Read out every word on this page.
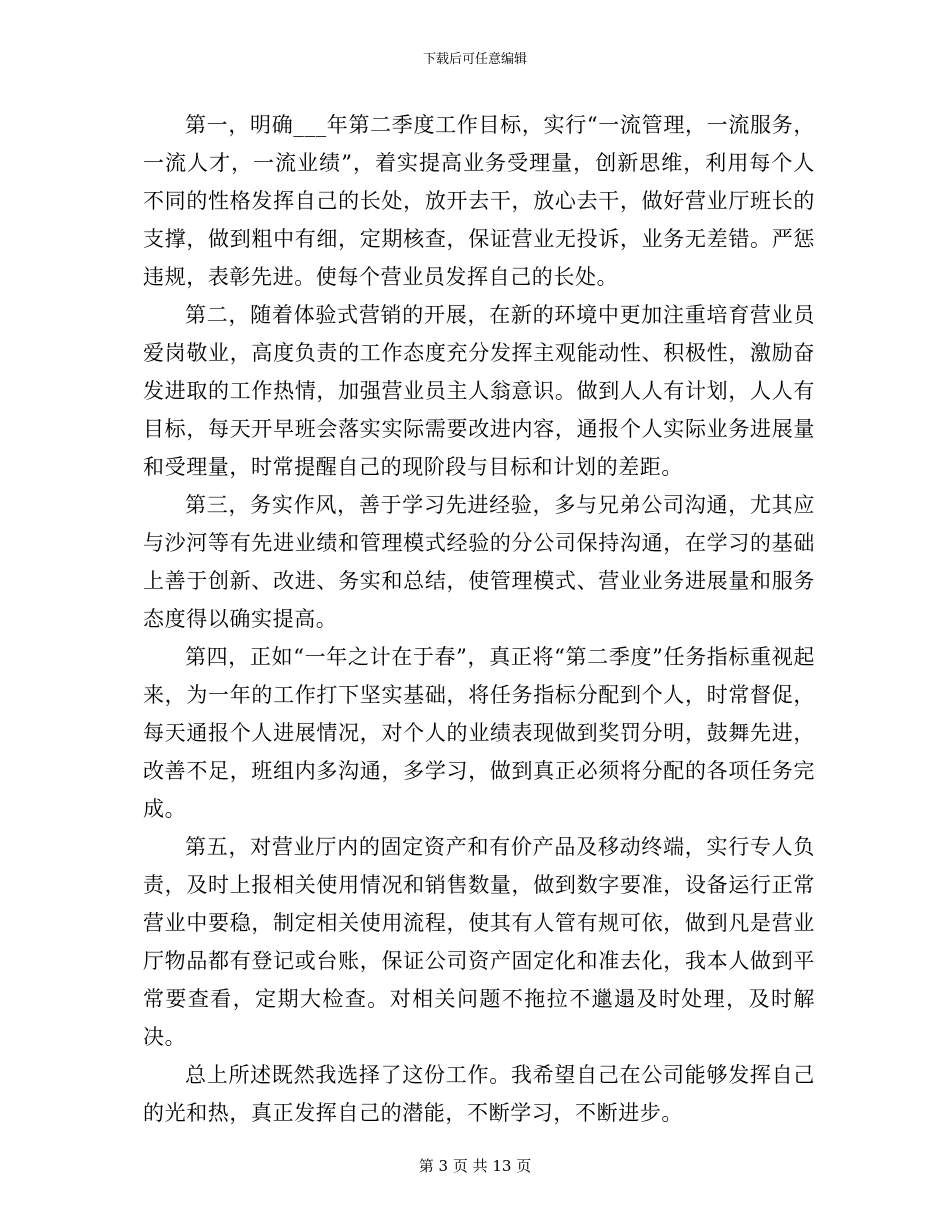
下载后可任意编辑

第一，明确___年第二季度工作目标，实行“一流管理，一流服务，一流人才，一流业绩”，着实提高业务受理量，创新思维，利用每个人不同的性格发挥自己的长处，放开去干，放心去干，做好营业厅班长的支撑，做到粗中有细，定期核查，保证营业无投诉，业务无差错。严惩违规，表彰先进。使每个营业员发挥自己的长处。

第二，随着体验式营销的开展，在新的环境中更加注重培育营业员爱岗敬业，高度负责的工作态度充分发挥主观能动性、积极性，激励奋发进取的工作热情，加强营业员主人翁意识。做到人人有计划，人人有目标，每天开早班会落实实际需要改进内容，通报个人实际业务进展量和受理量，时常提醒自己的现阶段与目标和计划的差距。

第三，务实作风，善于学习先进经验，多与兄弟公司沟通，尤其应与沙河等有先进业绩和管理模式经验的分公司保持沟通，在学习的基础上善于创新、改进、务实和总结，使管理模式、营业业务进展量和服务态度得以确实提高。

第四，正如“一年之计在于春”，真正将“第二季度”任务指标重视起来，为一年的工作打下坚实基础，将任务指标分配到个人，时常督促，每天通报个人进展情况，对个人的业绩表现做到奖罚分明，鼓舞先进，改善不足，班组内多沟通，多学习，做到真正必须将分配的各项任务完成。

第五，对营业厅内的固定资产和有价产品及移动终端，实行专人负责，及时上报相关使用情况和销售数量，做到数字要准，设备运行正常营业中要稳，制定相关使用流程，使其有人管有规可依，做到凡是营业厅物品都有登记或台账，保证公司资产固定化和准去化，我本人做到平常要查看，定期大检查。对相关问题不拖拉不邋遢及时处理，及时解决。

总上所述既然我选择了这份工作。我希望自己在公司能够发挥自己的光和热，真正发挥自己的潜能，不断学习，不断进步。

第 3 页 共 13 页
